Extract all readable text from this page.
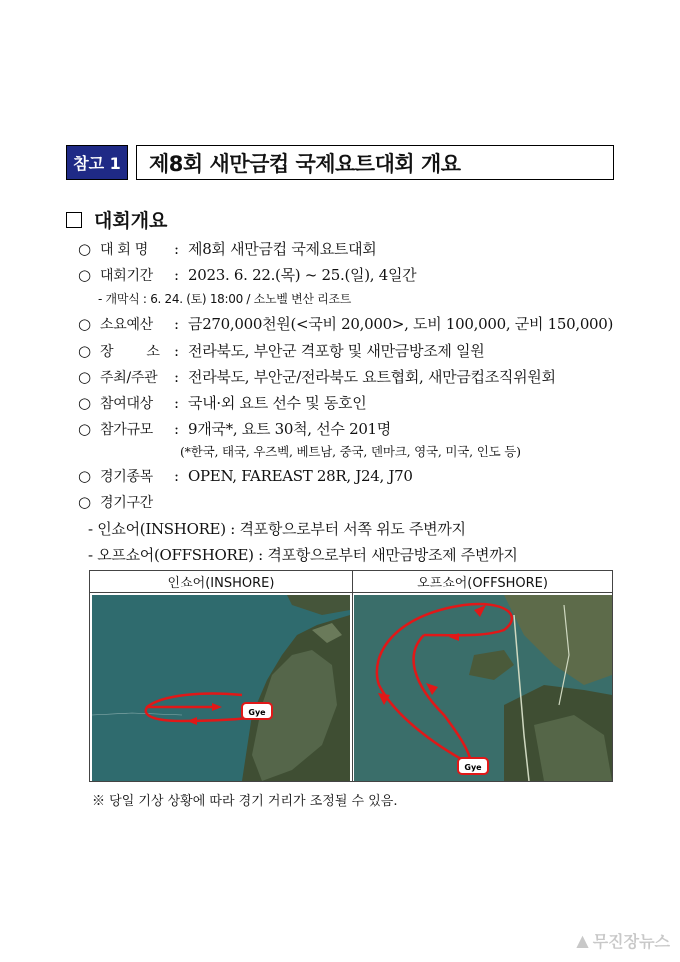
참고 1	제8회 새만금컵 국제요트대회 개요
대회개요
○ 대 회 명 : 제8회 새만금컵 국제요트대회
○ 대회기간 : 2023. 6. 22.(목) ~ 25.(일), 4일간
- 개막식 : 6. 24. (토) 18:00 / 소노벨 변산 리조트
○ 소요예산 : 금270,000천원(<국비 20,000>, 도비 100,000, 군비 150,000)
○ 장        소 : 전라북도, 부안군 격포항 및 새만금방조제 일원
○ 주최/주관 : 전라북도, 부안군/전라북도 요트협회, 새만금컵조직위원회
○ 참여대상 : 국내·외 요트 선수 및 동호인
○ 참가규모 : 9개국*, 요트 30척, 선수 201명
(*한국, 태국, 우즈벡, 베트남, 중국, 덴마크, 영국, 미국, 인도 등)
○ 경기종목 : OPEN, FAREAST 28R, J24, J70
○ 경기구간
- 인쇼어(INSHORE) : 격포항으로부터 서쪽 위도 주변까지
- 오프쇼어(OFFSHORE) : 격포항으로부터 새만금방조제 주변까지
인쇼어(INSHORE)	오프쇼어(OFFSHORE)
Gye
Gye
※ 당일 기상 상황에 따라 경기 거리가 조정될 수 있음.
▲ 무진장뉴스
